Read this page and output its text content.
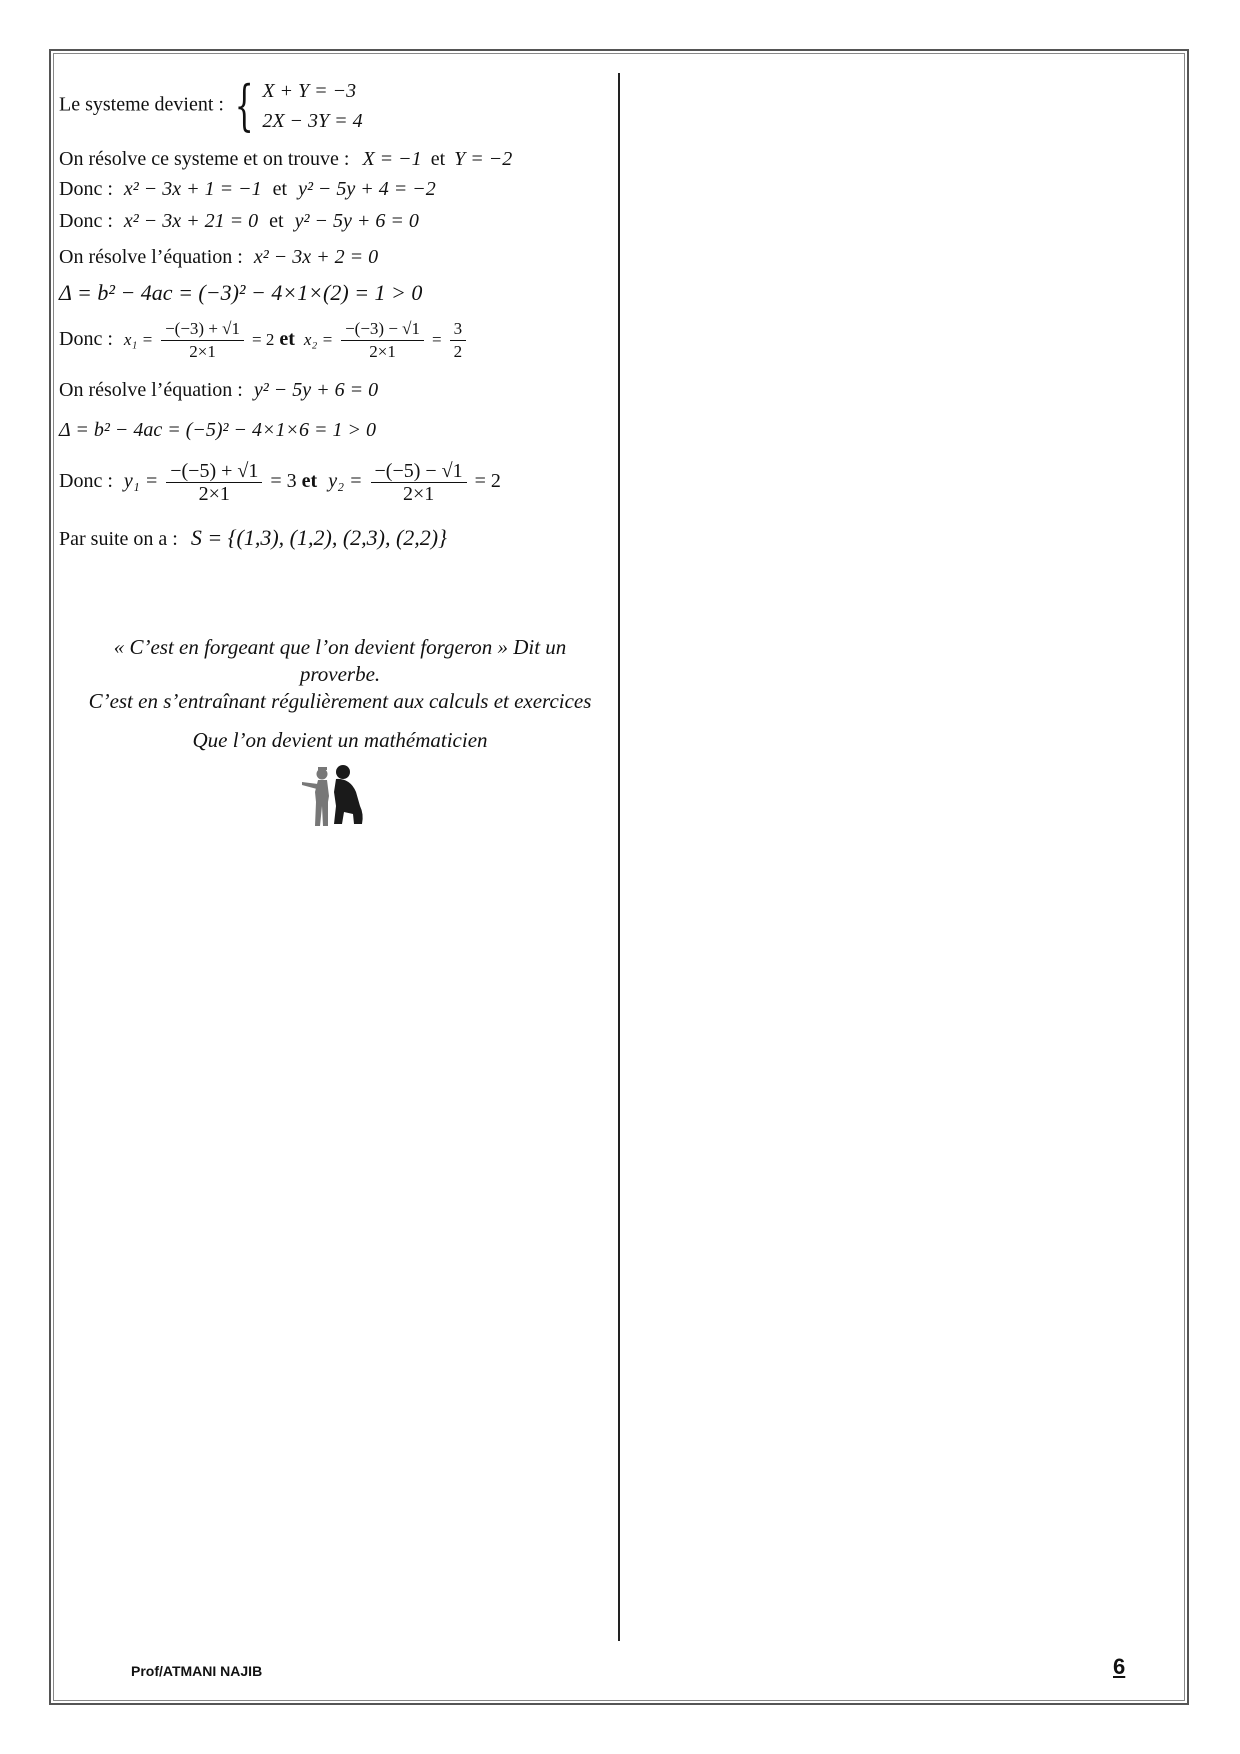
Le systeme devient : { X + Y = −3
2X − 3Y = 4
On résolve ce systeme et on trouve : X = −1 et Y = −2
Donc : x² − 3x + 1 = −1 et y² − 5y + 4 = −2
Donc : x² − 3x + 21 = 0 et y² − 5y + 6 = 0
On résolve l’équation : x² − 3x + 2 = 0
Δ = b² − 4ac = (−3)² − 4×1×(2) = 1 > 0
Donc : $x_1 = \frac{-(-3) + √1}{2\times 1} = 2$ et $x_2 = \frac{-(-3) - √1}{2\times 1} = \frac{3}{2}$
On résolve l’équation : y² − 5y + 6 = 0
Δ = b² − 4ac = (−5)² − 4×1×6 = 1 > 0
Donc : $y_1 = \frac{-(-5) + √1}{2\times 1} = 3$ et $y_2 = \frac{-(-5) - √1}{2\times 1} = 2$
Par suite on a : S = {(1,3), (1,2), (2,3), (2,2)}
« C’est en forgeant que l’on devient forgeron » Dit un
proverbe.
C’est en s’entraînant régulièrement aux calculs et exercices
Que l’on devient un mathématicien
Prof/ATMANI NAJIB	6
